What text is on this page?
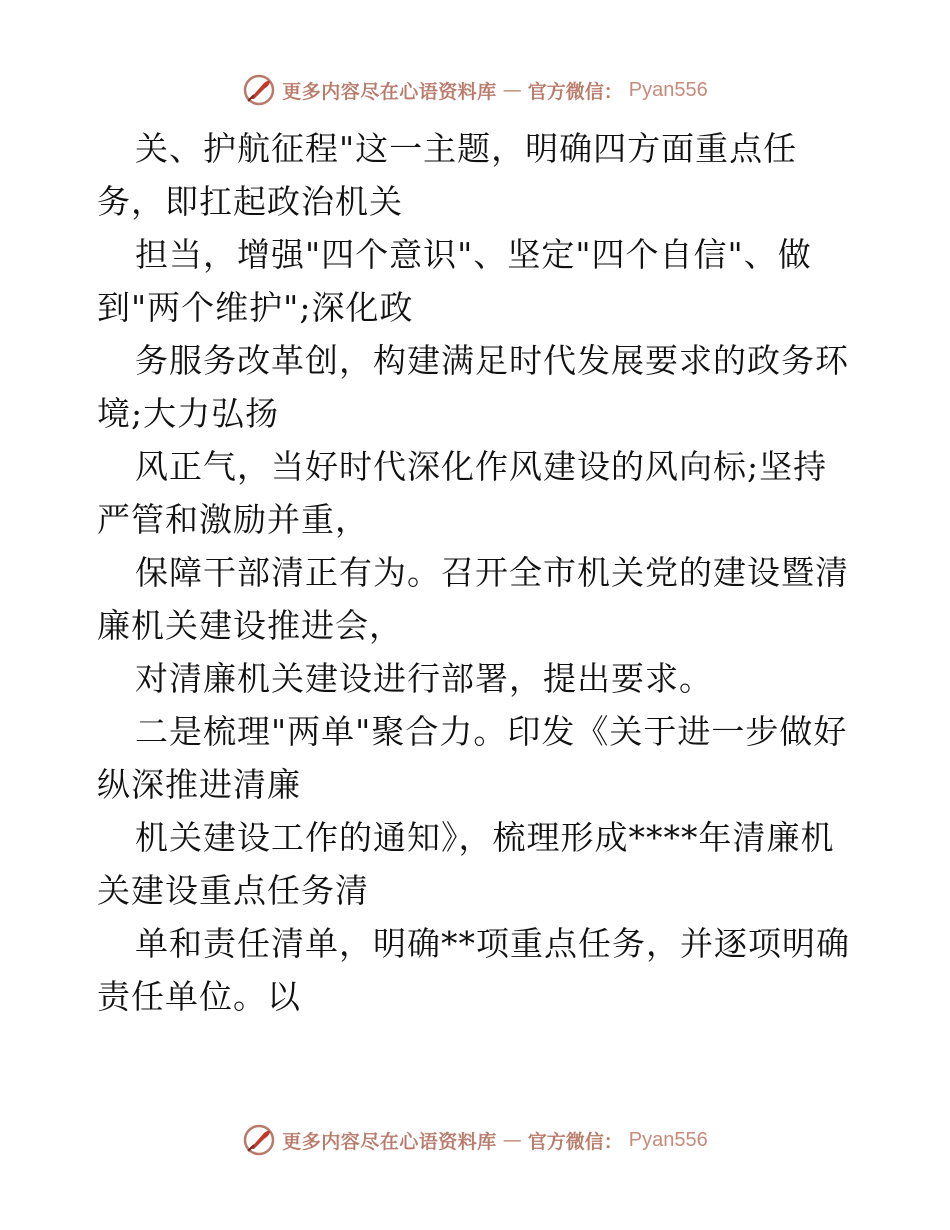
更多内容尽在心语资料库 — 官方微信： Pyan556
关、护航征程"这一主题，明确四方面重点任
务，即扛起政治机关
担当，增强"四个意识"、坚定"四个自信"、做
到"两个维护";深化政
务服务改革创，构建满足时代发展要求的政务环
境;大力弘扬
风正气，当好时代深化作风建设的风向标;坚持
严管和激励并重，
保障干部清正有为。召开全市机关党的建设暨清
廉机关建设推进会，
对清廉机关建设进行部署，提出要求。
二是梳理"两单"聚合力。印发《关于进一步做好
纵深推进清廉
机关建设工作的通知》，梳理形成****年清廉机
关建设重点任务清
单和责任清单，明确**项重点任务，并逐项明确
责任单位。以
更多内容尽在心语资料库 — 官方微信： Pyan556
